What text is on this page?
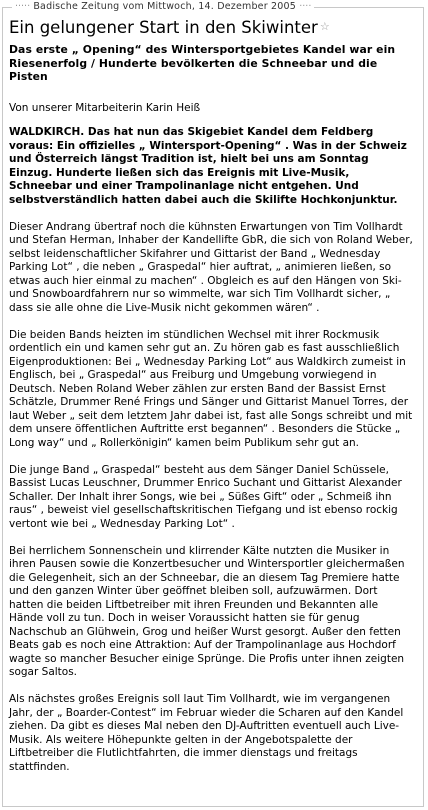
····· Badische Zeitung vom Mittwoch, 14. Dezember 2005 ····
Ein gelungener Start in den Skiwinter ☆

Das erste „ Opening“ des Wintersportgebietes Kandel war ein Riesenerfolg / Hunderte bevölkerten die Schneebar und die Pisten

Von unserer Mitarbeiterin Karin Heiß

WALDKIRCH. Das hat nun das Skigebiet Kandel dem Feldberg voraus: Ein offizielles „ Wintersport-Opening“ . Was in der Schweiz und Österreich längst Tradition ist, hielt bei uns am Sonntag Einzug. Hunderte ließen sich das Ereignis mit Live-Musik, Schneebar und einer Trampolinanlage nicht entgehen. Und selbstverständlich hatten dabei auch die Skilifte Hochkonjunktur.

Dieser Andrang übertraf noch die kühnsten Erwartungen von Tim Vollhardt und Stefan Herman, Inhaber der Kandellifte GbR, die sich von Roland Weber, selbst leidenschaftlicher Skifahrer und Gittarist der Band „ Wednesday Parking Lot“ , die neben „ Graspedal“ hier auftrat, „ animieren ließen, so etwas auch hier einmal zu machen“ . Obgleich es auf den Hängen von Ski- und Snowboardfahrern nur so wimmelte, war sich Tim Vollhardt sicher, „ dass sie alle ohne die Live-Musik nicht gekommen wären“ .

Die beiden Bands heizten im stündlichen Wechsel mit ihrer Rockmusik ordentlich ein und kamen sehr gut an. Zu hören gab es fast ausschließlich Eigenproduktionen: Bei „ Wednesday Parking Lot“ aus Waldkirch zumeist in Englisch, bei „ Graspedal“ aus Freiburg und Umgebung vorwiegend in Deutsch. Neben Roland Weber zählen zur ersten Band der Bassist Ernst Schätzle, Drummer René Frings und Sänger und Gittarist Manuel Torres, der laut Weber „ seit dem letztem Jahr dabei ist, fast alle Songs schreibt und mit dem unsere öffentlichen Auftritte erst begannen“ . Besonders die Stücke „ Long way“ und „ Rollerkönigin“ kamen beim Publikum sehr gut an.

Die junge Band „ Graspedal“ besteht aus dem Sänger Daniel Schüssele, Bassist Lucas Leuschner, Drummer Enrico Suchant und Gittarist Alexander Schaller. Der Inhalt ihrer Songs, wie bei „ Süßes Gift“ oder „ Schmeiß ihn raus“ , beweist viel gesellschaftskritischen Tiefgang und ist ebenso rockig vertont wie bei „ Wednesday Parking Lot“ .

Bei herrlichem Sonnenschein und klirrender Kälte nutzten die Musiker in ihren Pausen sowie die Konzertbesucher und Wintersportler gleichermaßen die Gelegenheit, sich an der Schneebar, die an diesem Tag Premiere hatte und den ganzen Winter über geöffnet bleiben soll, aufzuwärmen. Dort hatten die beiden Liftbetreiber mit ihren Freunden und Bekannten alle Hände voll zu tun. Doch in weiser Voraussicht hatten sie für genug Nachschub an Glühwein, Grog und heißer Wurst gesorgt. Außer den fetten Beats gab es noch eine Attraktion: Auf der Trampolinanlage aus Hochdorf wagte so mancher Besucher einige Sprünge. Die Profis unter ihnen zeigten sogar Saltos.

Als nächstes großes Ereignis soll laut Tim Vollhardt, wie im vergangenen Jahr, der „ Boarder-Contest“ im Februar wieder die Scharen auf den Kandel ziehen. Da gibt es dieses Mal neben den DJ-Auftritten eventuell auch Live-Musik. Als weitere Höhepunkte gelten in der Angebotspalette der Liftbetreiber die Flutlichtfahrten, die immer dienstags und freitags stattfinden.
